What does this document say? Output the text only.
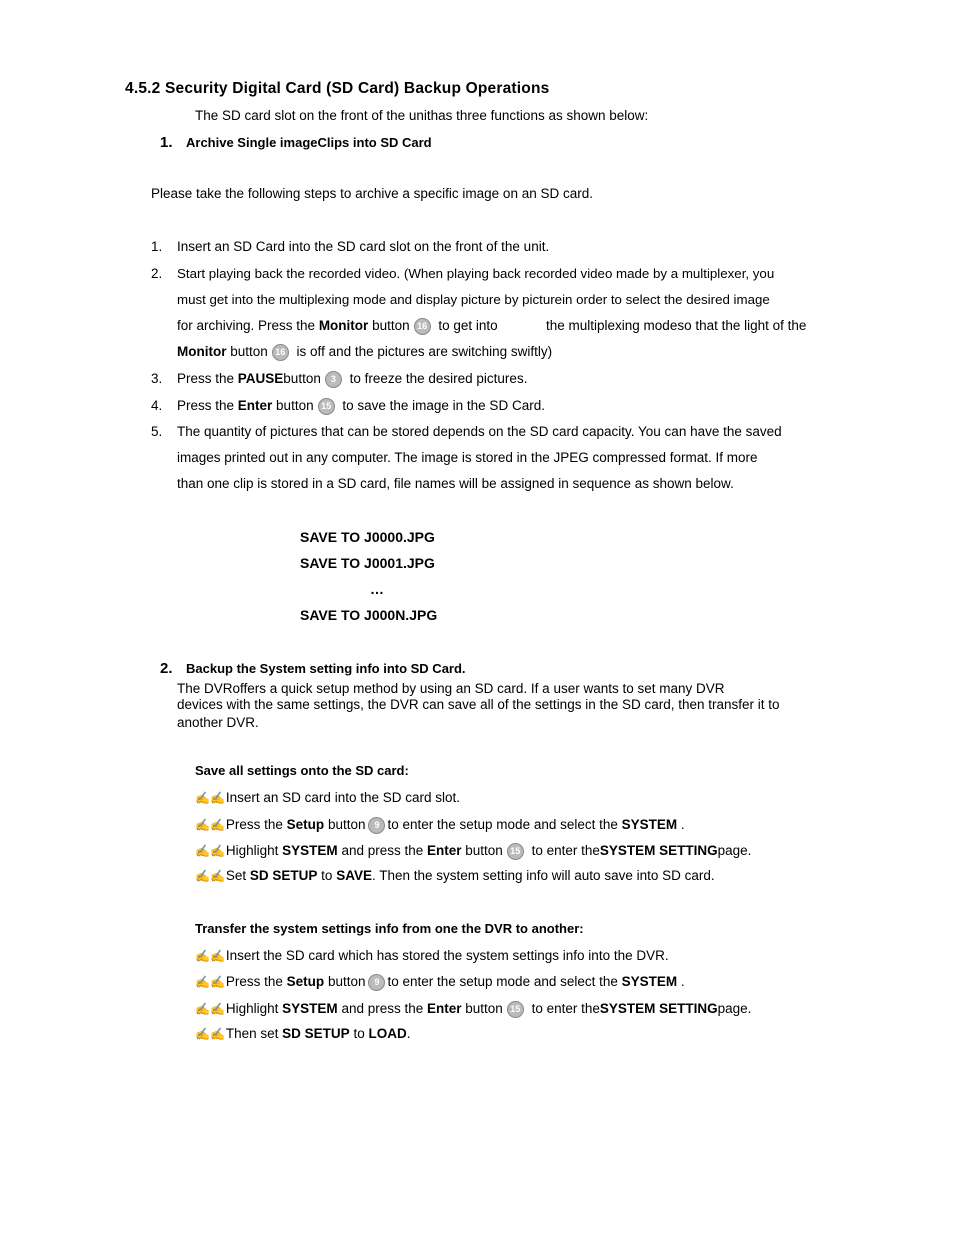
4.5.2 Security Digital Card (SD Card) Backup Operations
The SD card slot on the front of the unithas three functions as shown below:
1. Archive Single imageClips into SD Card
Please take the following steps to archive a specific image on an SD card.
1. Insert an SD Card into the SD card slot on the front of the unit.
2. Start playing back the recorded video. (When playing back recorded video made by a multiplexer, you
must get into the multiplexing mode and display picture by picturein order to select the desired image
for archiving. Press the Monitor button 16 to get into	the multiplexing modeso that the light of the
Monitor button 16 is off and the pictures are switching swiftly)
3. Press the PAUSEbutton 3 to freeze the desired pictures.
4. Press the Enter button 15 to save the image in the SD Card.
5. The quantity of pictures that can be stored depends on the SD card capacity. You can have the saved
images printed out in any computer. The image is stored in the JPEG compressed format. If more
than one clip is stored in a SD card, file names will be assigned in sequence as shown below.
SAVE TO J0000.JPG
SAVE TO J0001.JPG
…
SAVE TO J000N.JPG
2. Backup the System setting info into SD Card.
The DVRoffers a quick setup method by using an SD card. If a user wants to set many DVR
devices with the same settings, the DVR can save all of the settings in the SD card, then transfer it to
another DVR.
Save all settings onto the SD card:
✍✍Insert an SD card into the SD card slot.
✍✍Press the Setup button 9 to enter the setup mode and select the SYSTEM .
✍✍Highlight SYSTEM and press the Enter button 15 to enter theSYSTEM SETTINGpage.
✍✍Set SD SETUP to SAVE. Then the system setting info will auto save into SD card.
Transfer the system settings info from one the DVR to another:
✍✍Insert the SD card which has stored the system settings info into the DVR.
✍✍Press the Setup button 9 to enter the setup mode and select the SYSTEM .
✍✍Highlight SYSTEM and press the Enter button 15 to enter theSYSTEM SETTINGpage.
✍✍Then set SD SETUP to LOAD.
